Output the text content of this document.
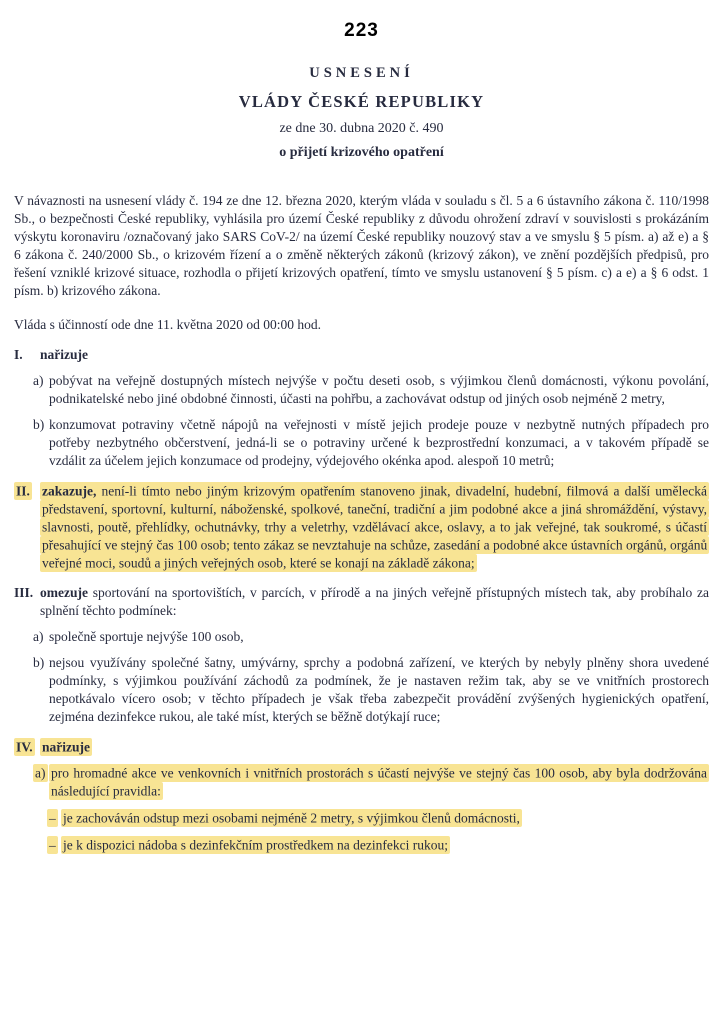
223
USNESENÍ
VLÁDY ČESKÉ REPUBLIKY
ze dne 30. dubna 2020 č. 490
o přijetí krizového opatření

V návaznosti na usnesení vlády č. 194 ze dne 12. března 2020, kterým vláda v souladu s čl. 5 a 6 ústavního zákona č. 110/1998 Sb., o bezpečnosti České republiky, vyhlásila pro území České republiky z důvodu ohrožení zdraví v souvislosti s prokázáním výskytu koronaviru /označovaný jako SARS CoV-2/ na území České republiky nouzový stav a ve smyslu § 5 písm. a) až e) a § 6 zákona č. 240/2000 Sb., o krizovém řízení a o změně některých zákonů (krizový zákon), ve znění pozdějších předpisů, pro řešení vzniklé krizové situace, rozhodla o přijetí krizových opatření, tímto ve smyslu ustanovení § 5 písm. c) a e) a § 6 odst. 1 písm. b) krizového zákona.

Vláda s účinností ode dne 11. května 2020 od 00:00 hod.

I.	nařizuje
a) pobývat na veřejně dostupných místech nejvýše v počtu deseti osob, s výjimkou členů domácnosti, výkonu povolání, podnikatelské nebo jiné obdobné činnosti, účasti na pohřbu, a zachovávat odstup od jiných osob nejméně 2 metry,
b) konzumovat potraviny včetně nápojů na veřejnosti v místě jejich prodeje pouze v nezbytně nutných případech pro potřeby nezbytného občerstvení, jedná-li se o potraviny určené k bezprostřední konzumaci, a v takovém případě se vzdálit za účelem jejich konzumace od prodejny, výdejového okénka apod. alespoň 10 metrů;
II. zakazuje, není-li tímto nebo jiným krizovým opatřením stanoveno jinak, divadelní, hudební, filmová a další umělecká představení, sportovní, kulturní, náboženské, spolkové, taneční, tradiční a jim podobné akce a jiná shromáždění, výstavy, slavnosti, poutě, přehlídky, ochutnávky, trhy a veletrhy, vzdělávací akce, oslavy, a to jak veřejné, tak soukromé, s účastí přesahující ve stejný čas 100 osob; tento zákaz se nevztahuje na schůze, zasedání a podobné akce ústavních orgánů, orgánů veřejné moci, soudů a jiných veřejných osob, které se konají na základě zákona;
III. omezuje sportování na sportovištích, v parcích, v přírodě a na jiných veřejně přístupných místech tak, aby probíhalo za splnění těchto podmínek:
a) společně sportuje nejvýše 100 osob,
b) nejsou využívány společné šatny, umývárny, sprchy a podobná zařízení, ve kterých by nebyly plněny shora uvedené podmínky, s výjimkou používání záchodů za podmínek, že je nastaven režim tak, aby se ve vnitřních prostorech nepotkávalo vícero osob; v těchto případech je však třeba zabezpečit provádění zvýšených hygienických opatření, zejména dezinfekce rukou, ale také míst, kterých se běžně dotýkají ruce;
IV. nařizuje
a) pro hromadné akce ve venkovních i vnitřních prostorách s účastí nejvýše ve stejný čas 100 osob, aby byla dodržována následující pravidla:
– je zachováván odstup mezi osobami nejméně 2 metry, s výjimkou členů domácnosti,
– je k dispozici nádoba s dezinfekčním prostředkem na dezinfekci rukou;
